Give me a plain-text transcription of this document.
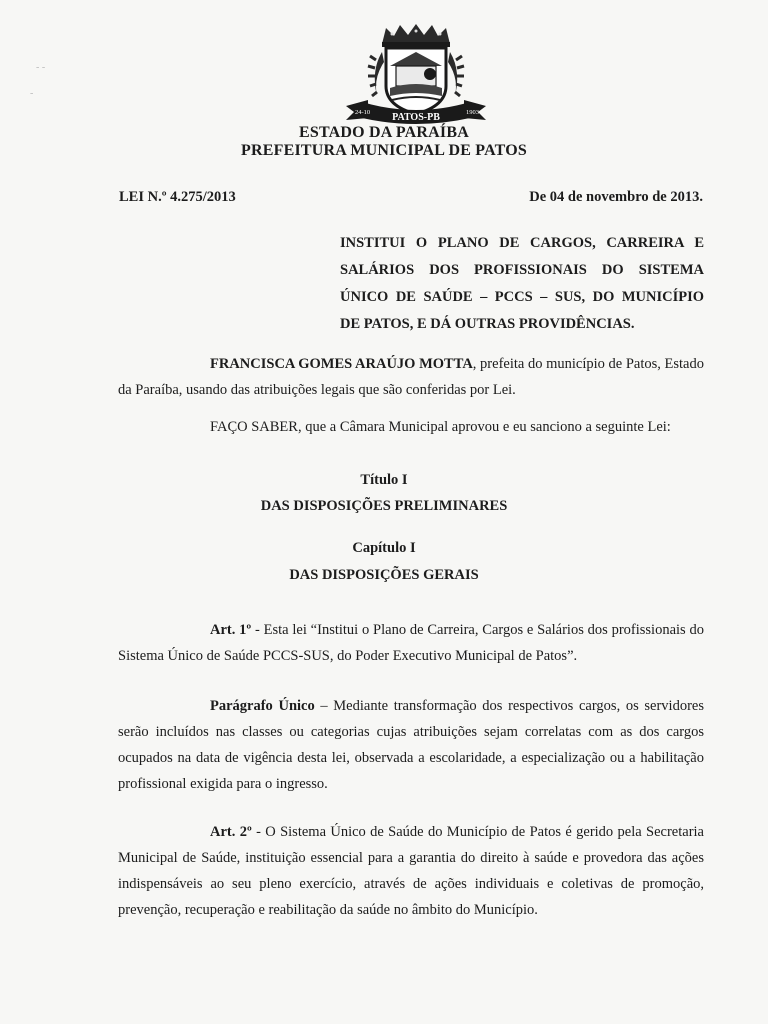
24-10 PATOS-PB	1903
- -
-
ESTADO DA PARAÍBA
PREFEITURA MUNICIPAL DE PATOS
LEI N.º 4.275/2013	De 04 de novembro de 2013.
INSTITUI O PLANO DE CARGOS, CARREIRA E
SALÁRIOS DOS PROFISSIONAIS DO SISTEMA
ÚNICO DE SAÚDE – PCCS – SUS, DO MUNICÍPIO
DE PATOS, E DÁ OUTRAS PROVIDÊNCIAS.
FRANCISCA GOMES ARAÚJO MOTTA, prefeita do município de Patos, Estado da Paraíba, usando das atribuições legais que são conferidas por Lei.
FAÇO SABER, que a Câmara Municipal aprovou e eu sanciono a seguinte Lei:
Título I
DAS DISPOSIÇÕES PRELIMINARES
Capítulo I
DAS DISPOSIÇÕES GERAIS
Art. 1º - Esta lei “Institui o Plano de Carreira, Cargos e Salários dos profissionais do Sistema Único de Saúde PCCS-SUS, do Poder Executivo Municipal de Patos”.
Parágrafo Único – Mediante transformação dos respectivos cargos, os servidores serão incluídos nas classes ou categorias cujas atribuições sejam correlatas com as dos cargos ocupados na data de vigência desta lei, observada a escolaridade, a especialização ou a habilitação profissional exigida para o ingresso.
Art. 2º - O Sistema Único de Saúde do Município de Patos é gerido pela Secretaria Municipal de Saúde, instituição essencial para a garantia do direito à saúde e provedora das ações indispensáveis ao seu pleno exercício, através de ações individuais e coletivas de promoção, prevenção, recuperação e reabilitação da saúde no âmbito do Município.
